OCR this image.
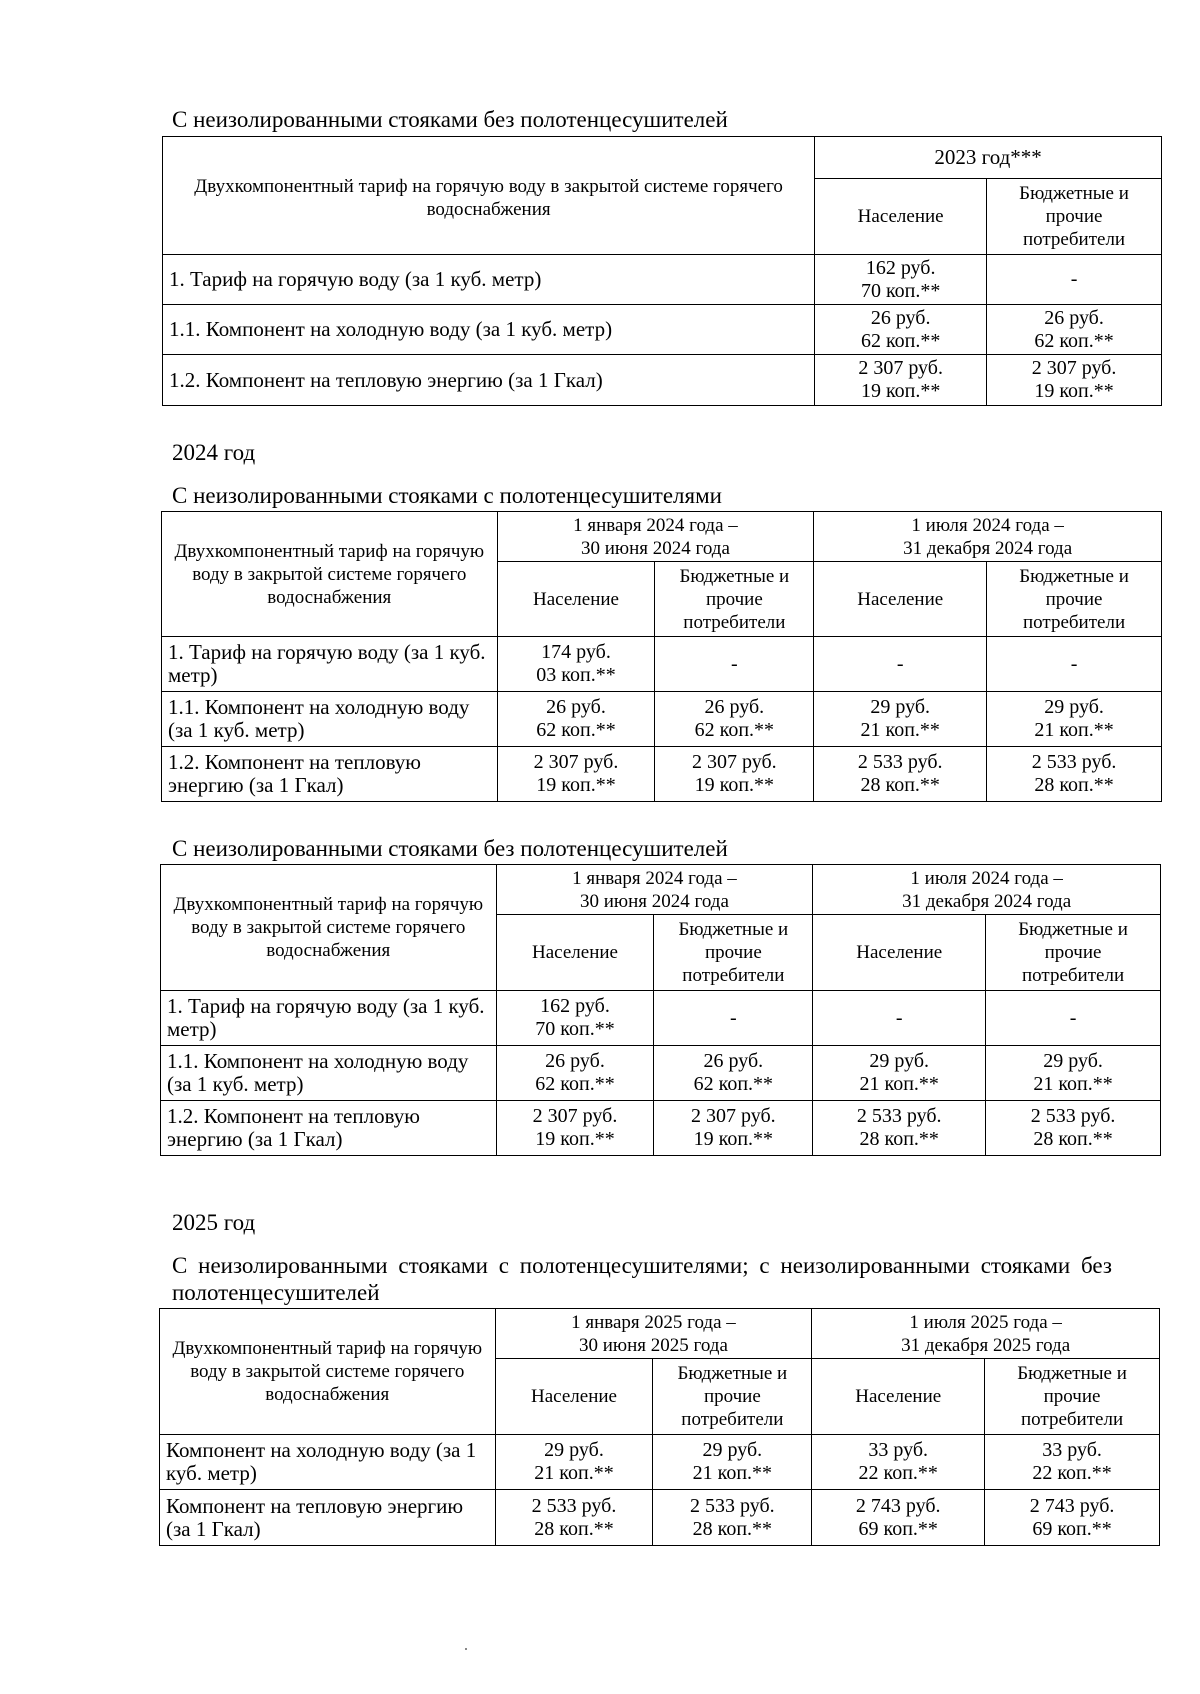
С неизолированными стояками без полотенцесушителей

Двухкомпонентный тариф на горячую воду в закрытой системе горячего водоснабжения	2023 год***	
	Население	Бюджетные и прочие потребители
1. Тариф на горячую воду (за 1 куб. метр)	162 руб.
70 коп.**	-

1.1. Компонент на холодную воду (за 1 куб. метр)	26 руб.
62 коп.**	26 руб.
62 коп.**

1.2. Компонент на тепловую энергию (за 1 Гкал)	2 307 руб.
19 коп.**	2 307 руб.
19 коп.**

2024 год

С неизолированными стояками с полотенцесушителями

Двухкомпонентный тариф на горячую воду в закрытой системе горячего водоснабжения	1 января 2024 года –
30 июня 2024 года		1 июля 2024 года –
31 декабря 2024 года	

	Население	Бюджетные и прочие потребители	Население	Бюджетные и прочие потребители
1. Тариф на горячую воду (за 1 куб. метр)	174 руб.
03 коп.**	-	-	-
1.1. Компонент на холодную воду (за 1 куб. метр)	26 руб.
62 коп.**	26 руб.
62 коп.**	29 руб.
21 коп.**	29 руб.
21 коп.**

1.2. Компонент на тепловую энергию (за 1 Гкал)	2 307 руб.
19 коп.**	2 307 руб.
19 коп.**	2 533 руб.
28 коп.**	2 533 руб.
28 коп.**

С неизолированными стояками без полотенцесушителей

Двухкомпонентный тариф на горячую воду в закрытой системе горячего водоснабжения	1 января 2024 года –
30 июня 2024 года		1 июля 2024 года –
31 декабря 2024 года	

	Население	Бюджетные и прочие потребители	Население	Бюджетные и прочие потребители
1. Тариф на горячую воду (за 1 куб. метр)	162 руб.
70 коп.**	-	-	-
1.1. Компонент на холодную воду (за 1 куб. метр)	26 руб.
62 коп.**	26 руб.
62 коп.**	29 руб.
21 коп.**	29 руб.
21 коп.**

1.2. Компонент на тепловую энергию (за 1 Гкал)	2 307 руб.
19 коп.**	2 307 руб.
19 коп.**	2 533 руб.
28 коп.**	2 533 руб.
28 коп.**

2025 год

С неизолированными стояками с полотенцесушителями; с неизолированными стояками без полотенцесушителей

Двухкомпонентный тариф на горячую воду в закрытой системе горячего водоснабжения	1 января 2025 года –
30 июня 2025 года		1 июля 2025 года –
31 декабря 2025 года	

	Население	Бюджетные и прочие потребители	Население	Бюджетные и прочие потребители
Компонент на холодную воду (за 1 куб. метр)	29 руб.
21 коп.**	29 руб.
21 коп.**	33 руб.
22 коп.**	33 руб.
22 коп.**

Компонент на тепловую энергию (за 1 Гкал)	2 533 руб.
28 коп.**	2 533 руб.
28 коп.**	2 743 руб.
69 коп.**	2 743 руб.
69 коп.**
